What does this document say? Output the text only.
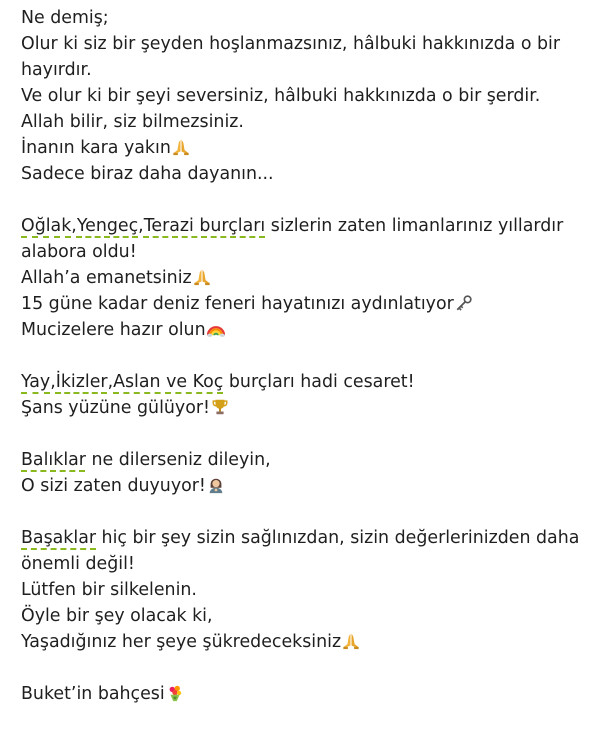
Ne demiş;
Olur ki siz bir şeyden hoşlanmazsınız, hâlbuki hakkınızda o bir hayırdır.
Ve olur ki bir şeyi seversiniz, hâlbuki hakkınızda o bir şerdir.
Allah bilir, siz bilmezsiniz.
İnanın kara yakın
Sadece biraz daha dayanın...
Oğlak,Yengeç,Terazi burçları sizlerin zaten limanlarınız yıllardır alabora oldu!
Allah’a emanetsiniz
15 güne kadar deniz feneri hayatınızı aydınlatıyor
Mucizelere hazır olun
Yay,İkizler,Aslan ve Koç burçları hadi cesaret!
Şans yüzüne gülüyor!
Balıklar ne dilerseniz dileyin,
O sizi zaten duyuyor!
Başaklar hiç bir şey sizin sağlınızdan, sizin değerlerinizden daha önemli değil!
Lütfen bir silkelenin.
Öyle bir şey olacak ki,
Yaşadığınız her şeye şükredeceksiniz
Buket’in bahçesi
